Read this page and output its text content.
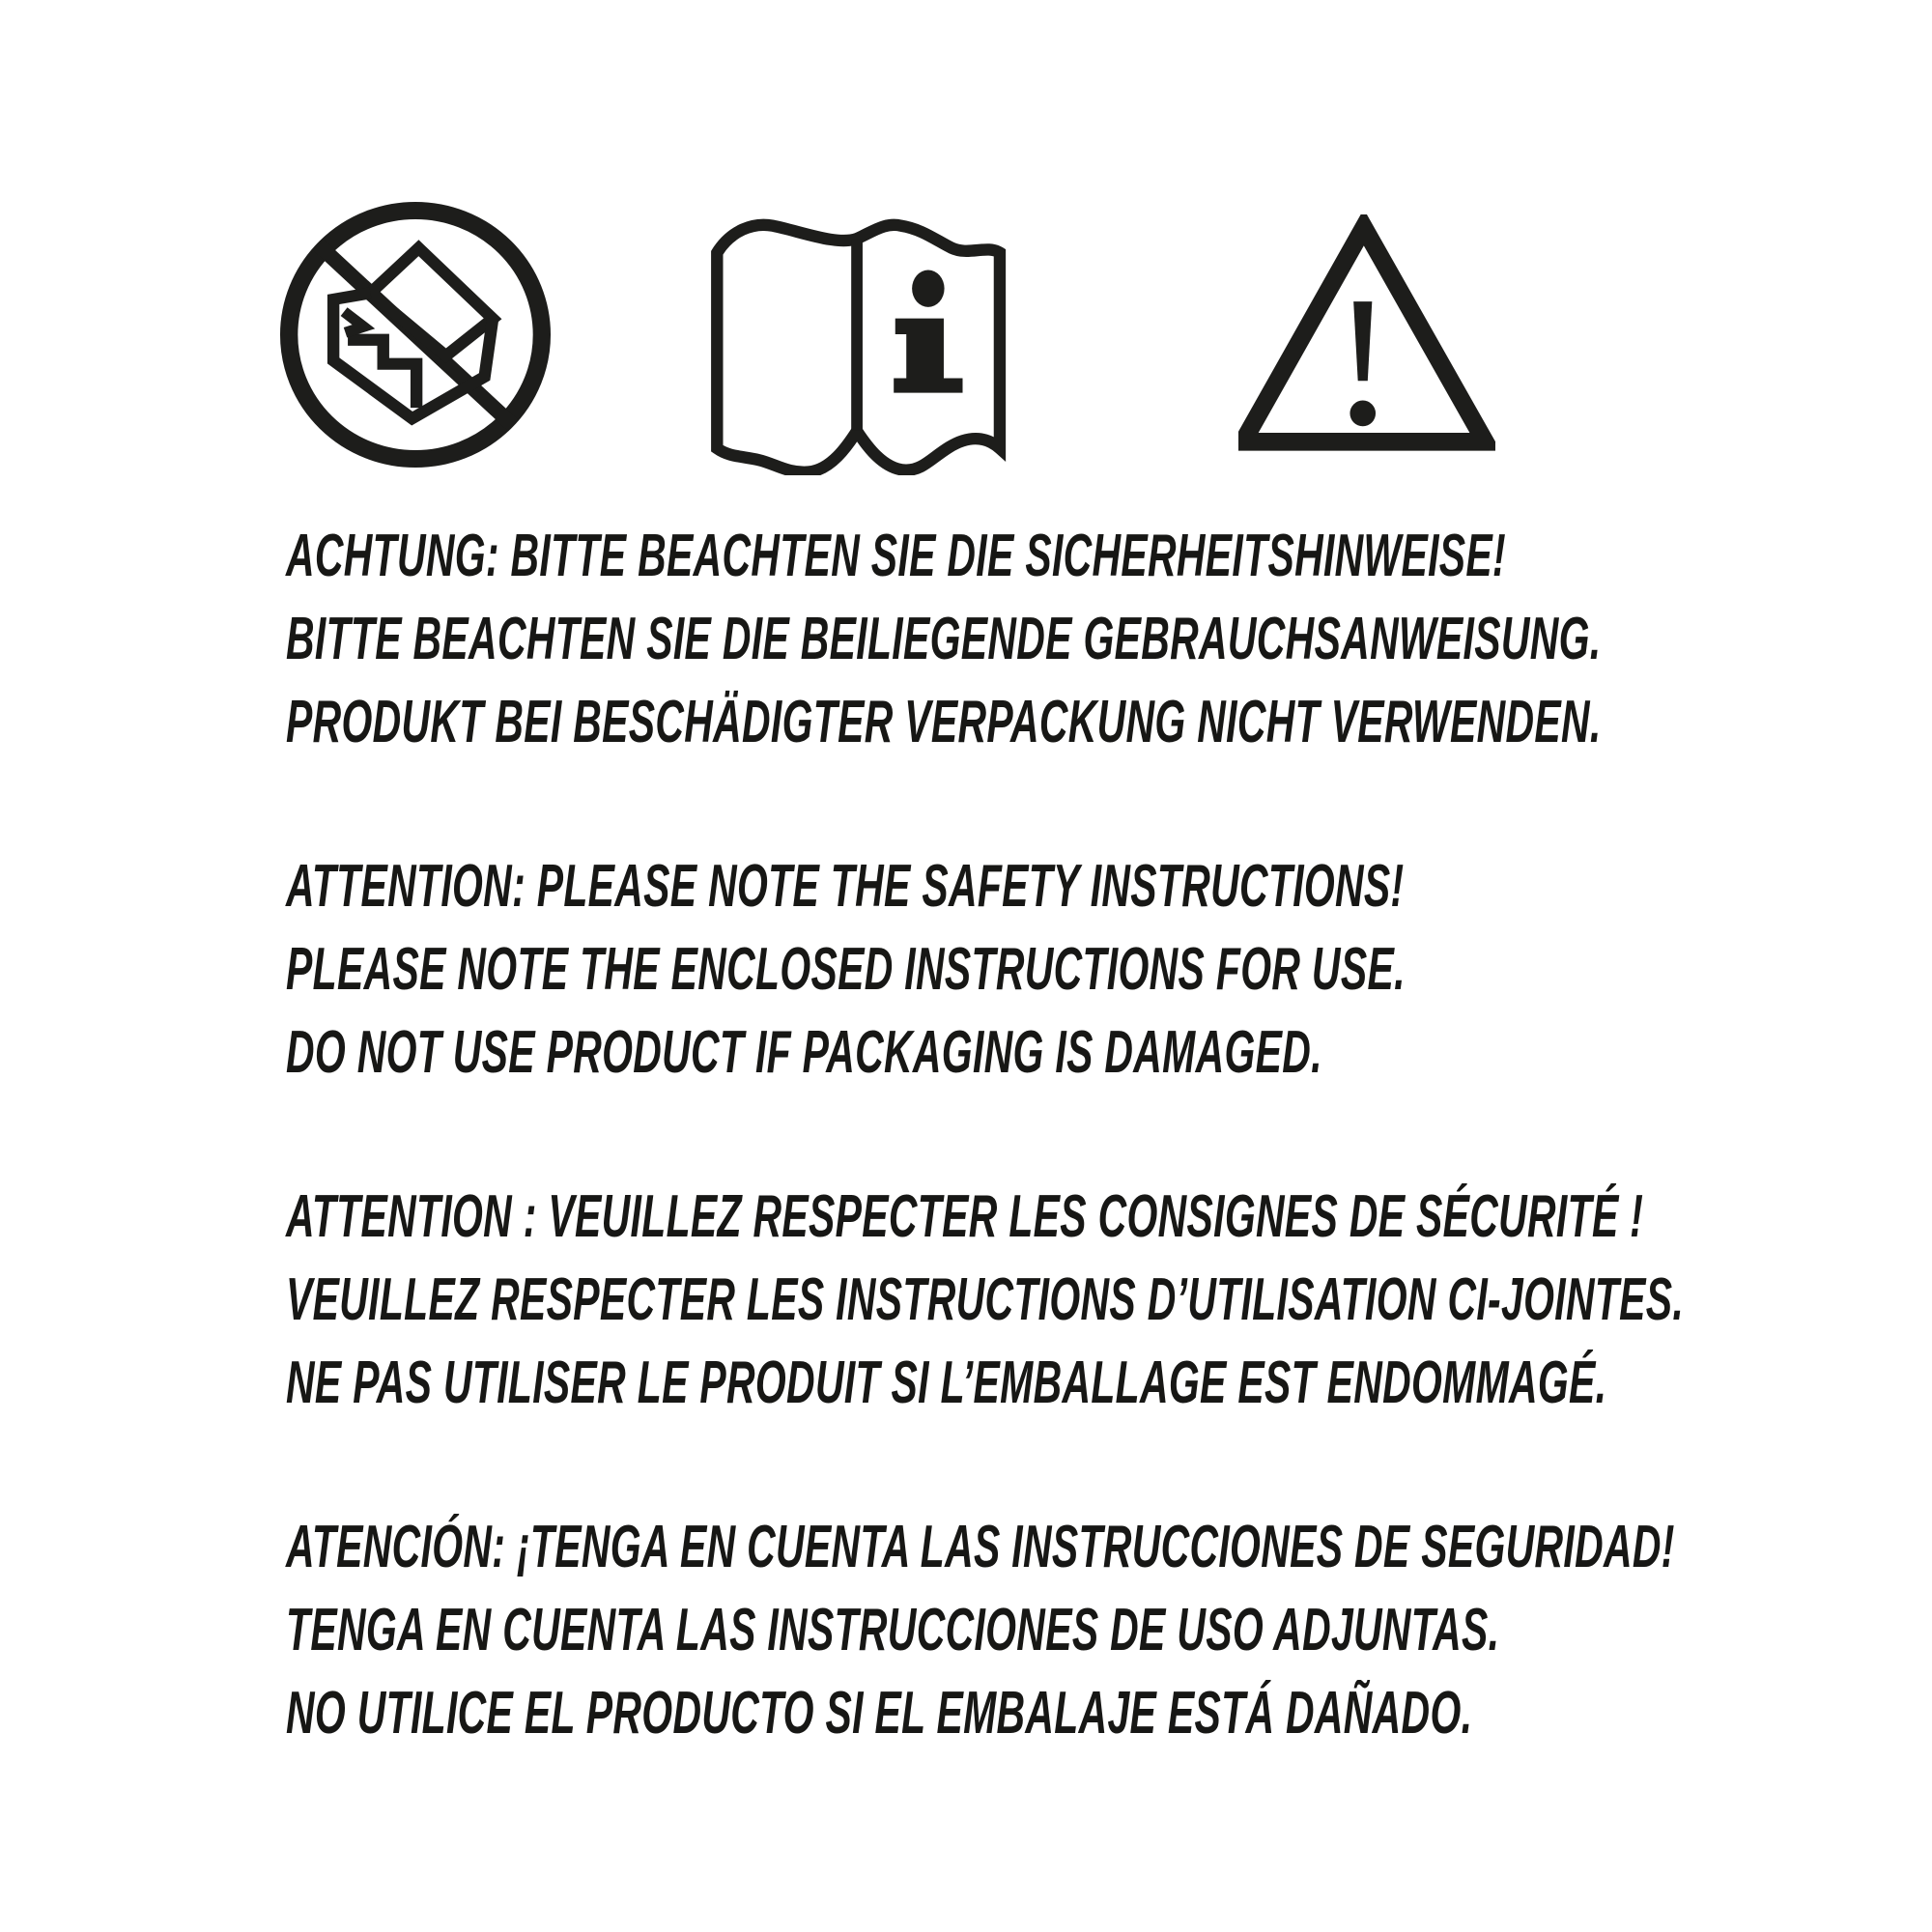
ACHTUNG: BITTE BEACHTEN SIE DIE SICHERHEITSHINWEISE!
BITTE BEACHTEN SIE DIE BEILIEGENDE GEBRAUCHSANWEISUNG.
PRODUKT BEI BESCHÄDIGTER VERPACKUNG NICHT VERWENDEN.
ATTENTION: PLEASE NOTE THE SAFETY INSTRUCTIONS!
PLEASE NOTE THE ENCLOSED INSTRUCTIONS FOR USE.
DO NOT USE PRODUCT IF PACKAGING IS DAMAGED.
ATTENTION : VEUILLEZ RESPECTER LES CONSIGNES DE SÉCURITÉ !
VEUILLEZ RESPECTER LES INSTRUCTIONS D’UTILISATION CI-JOINTES.
NE PAS UTILISER LE PRODUIT SI L’EMBALLAGE EST ENDOMMAGÉ.
ATENCIÓN: ¡TENGA EN CUENTA LAS INSTRUCCIONES DE SEGURIDAD!
TENGA EN CUENTA LAS INSTRUCCIONES DE USO ADJUNTAS.
NO UTILICE EL PRODUCTO SI EL EMBALAJE ESTÁ DAÑADO.
